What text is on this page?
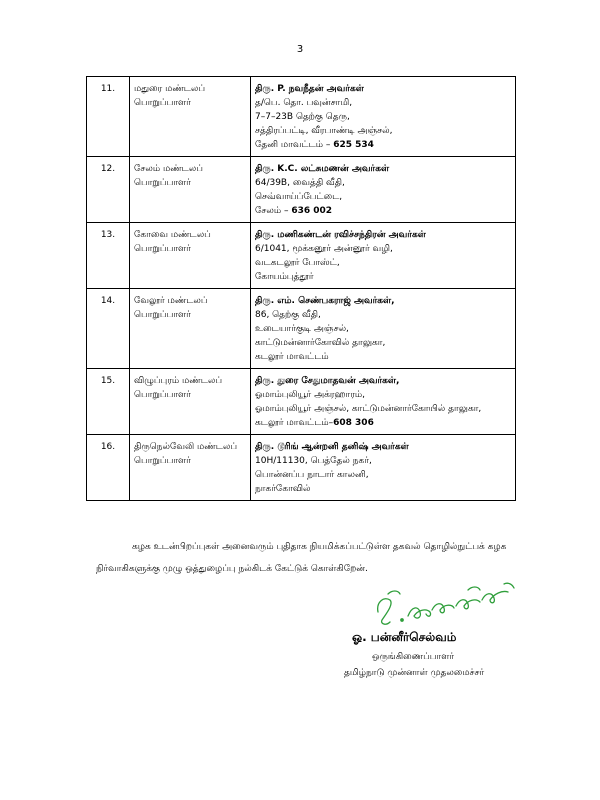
3
11.	மதுரை மண்டலப்
பொறுப்பாளர்	திரு. P. நவநீதன் அவர்கள்
த/பெ. தொ. பவுன்சாமி,
7–7–23B தெற்கு தெரு,
சத்திரப்பட்டி, வீரபாண்டி அஞ்சல்,
தேனி மாவட்டம் – 625 534

12.	சேலம் மண்டலப்
பொறுப்பாளர்	திரு. K.C. லட்சுமணன் அவர்கள்
64/39B, வைத்தி வீதி,
செவ்வாய்ப்பேட்டை,
சேலம் – 636 002

13.	கோவை மண்டலப்
பொறுப்பாளர்	திரு. மணிகண்டன் ரவிச்சந்திரன் அவர்கள்
6/1041, மூக்கனூர் அன்னூர் வழி,
வடகடலூர் போஸ்ட்,
கோயம்புத்தூர்

14.	வேலூர் மண்டலப்
பொறுப்பாளர்	திரு. எம். செண்பகராஜ் அவர்கள்,
86, தெற்கு வீதி,
உடையார்குடி அஞ்சல்,
காட்டுமன்னார்கோவில் தாலுகா,
கடலூர் மாவட்டம்

15.	விழுப்புரம் மண்டலப்
பொறுப்பாளர்	திரு. துரை சேதுமாதவன் அவர்கள்,
ஓமாம்புலியூர் அக்ரஹாரம்,
ஓமாம்புலியூர் அஞ்சல், காட்டுமன்னார்கோயில் தாலுகா,
கடலூர் மாவட்டம்–608 306

16.	திருநெல்வேலி மண்டலப்
பொறுப்பாளர்	திரு. டூரிங் ஆன்றனி தனிஷ் அவர்கள்
10H/11130, பெத்தேல் நகர்,
பொன்னப்ப நாடார் காலனி,
நாகர்கோவில்
கழக உடன்பிறப்புகள் அனைவரும் புதிதாக நியமிக்கப்பட்டுள்ள தகவல் தொழில்நுட்பக் கழக நிர்வாகிகளுக்கு முழு ஒத்துழைப்பு நல்கிடக் கேட்டுக் கொள்கிறேன்.
ஓ. பன்னீர்செல்வம்
ஒருங்கிணைப்பாளர்
தமிழ்நாடு முன்னாள் முதலமைச்சர்
